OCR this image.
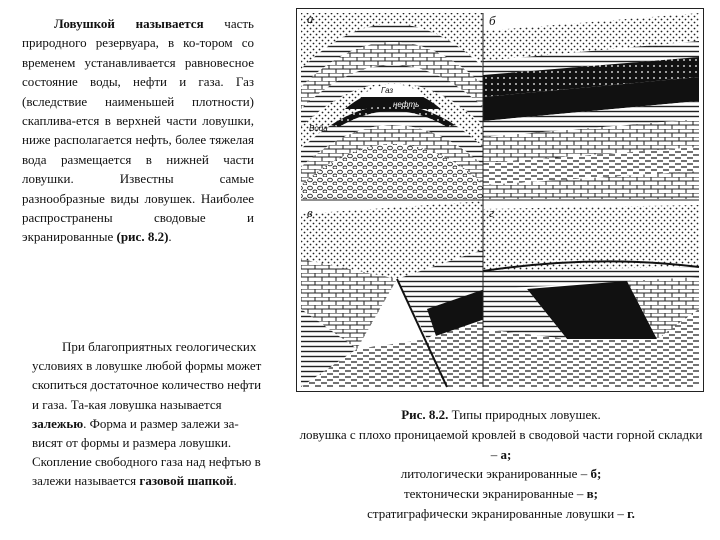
Ловушкой называется часть природного резервуара, в ко-тором со временем устанавливается равновесное состояние воды, нефти и газа. Газ (вследствие наименьшей плотности) скаплива-ется в верхней части ловушки, ниже располагается нефть, более тяжелая вода размещается в нижней части ловушки. Известны самые разнообразные виды ловушек. Наиболее распространены сводовые и экранированные (рис. 8.2).
При благоприятных геологических условиях в ловушке любой формы может скопиться достаточное количество нефти и газа. Та-кая ловушка называется залежью. Форма и размер залежи за-висят от формы и размера ловушки. Скопление свободного газа над нефтью в залежи называется газовой шапкой.
а
Газ
нефть
Вода
б
в	г
Рис. 8.2. Типы природных ловушек.
ловушка с плохо проницаемой кровлей в сводовой части горной складки – а;
литологически экранированные – б;
тектонически экранированные – в;
стратиграфически экранированные ловушки – г.
